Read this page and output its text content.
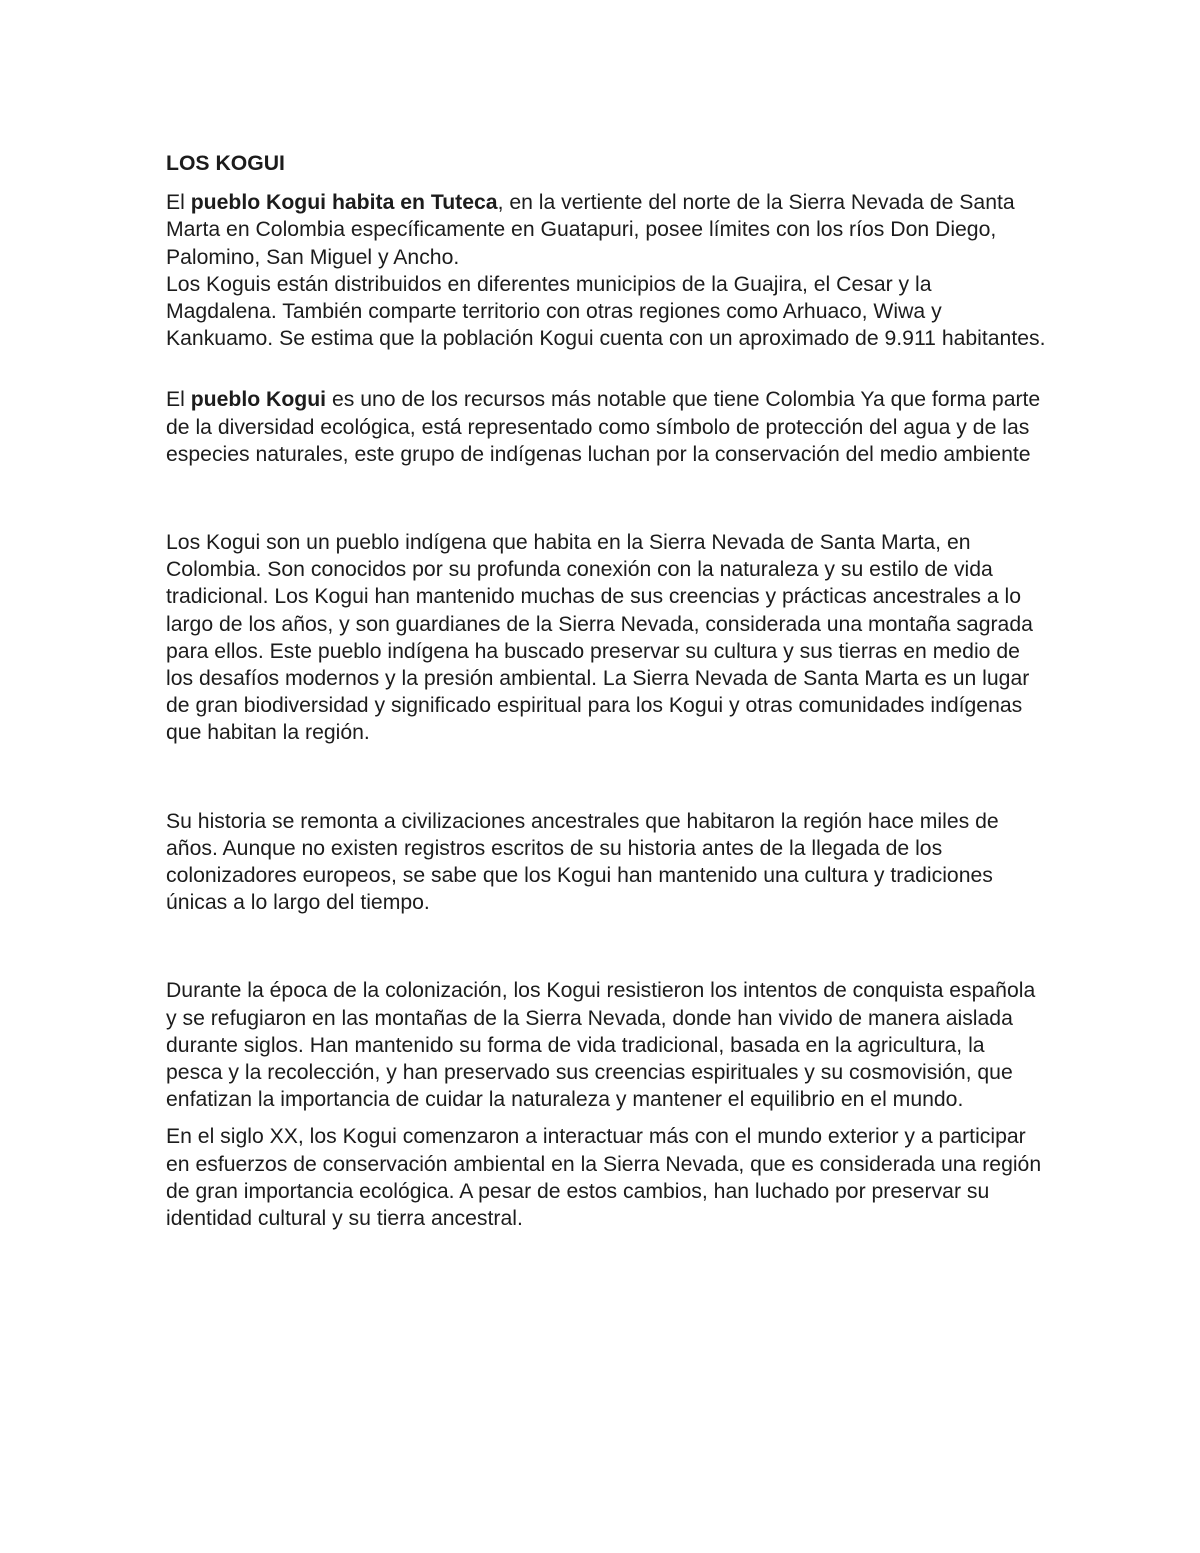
LOS KOGUI

El pueblo Kogui habita en Tuteca, en la vertiente del norte de la Sierra Nevada de Santa Marta en Colombia específicamente en Guatapuri, posee límites con los ríos Don Diego, Palomino, San Miguel y Ancho.

Los Koguis están distribuidos en diferentes municipios de la Guajira, el Cesar y la Magdalena. También comparte territorio con otras regiones como Arhuaco, Wiwa y Kankuamo. Se estima que la población Kogui cuenta con un aproximado de 9.911 habitantes.

El pueblo Kogui es uno de los recursos más notable que tiene Colombia Ya que forma parte de la diversidad ecológica, está representado como símbolo de protección del agua y de las especies naturales, este grupo de indígenas luchan por la conservación del medio ambiente

Los Kogui son un pueblo indígena que habita en la Sierra Nevada de Santa Marta, en Colombia. Son conocidos por su profunda conexión con la naturaleza y su estilo de vida tradicional. Los Kogui han mantenido muchas de sus creencias y prácticas ancestrales a lo largo de los años, y son guardianes de la Sierra Nevada, considerada una montaña sagrada para ellos. Este pueblo indígena ha buscado preservar su cultura y sus tierras en medio de los desafíos modernos y la presión ambiental. La Sierra Nevada de Santa Marta es un lugar de gran biodiversidad y significado espiritual para los Kogui y otras comunidades indígenas que habitan la región.

Su historia se remonta a civilizaciones ancestrales que habitaron la región hace miles de años. Aunque no existen registros escritos de su historia antes de la llegada de los colonizadores europeos, se sabe que los Kogui han mantenido una cultura y tradiciones únicas a lo largo del tiempo.

Durante la época de la colonización, los Kogui resistieron los intentos de conquista española y se refugiaron en las montañas de la Sierra Nevada, donde han vivido de manera aislada durante siglos. Han mantenido su forma de vida tradicional, basada en la agricultura, la pesca y la recolección, y han preservado sus creencias espirituales y su cosmovisión, que enfatizan la importancia de cuidar la naturaleza y mantener el equilibrio en el mundo.

En el siglo XX, los Kogui comenzaron a interactuar más con el mundo exterior y a participar en esfuerzos de conservación ambiental en la Sierra Nevada, que es considerada una región de gran importancia ecológica. A pesar de estos cambios, han luchado por preservar su identidad cultural y su tierra ancestral.
